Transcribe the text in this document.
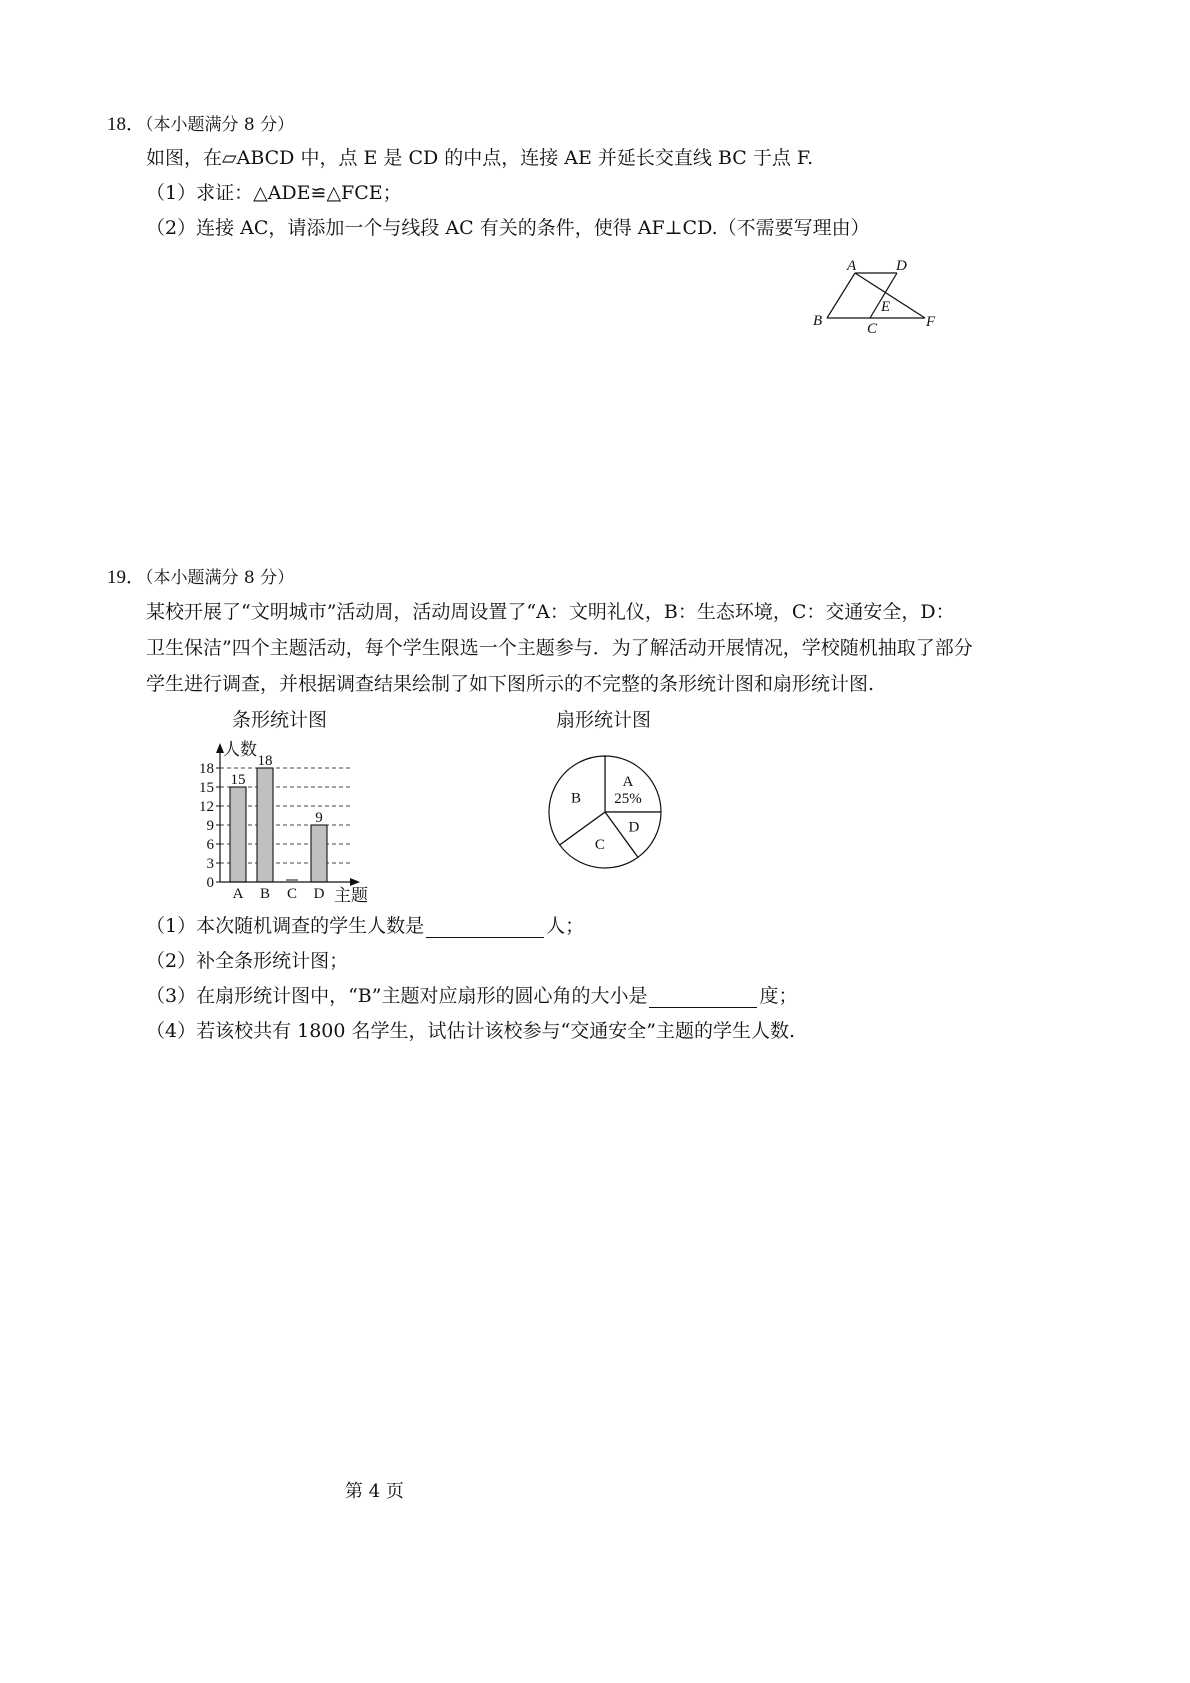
18．（本小题满分 8 分）
如图，在▱ABCD 中，点 E 是 CD 的中点，连接 AE 并延长交直线 BC 于点 F.
（1）求证：△ADE≌△FCE；
（2）连接 AC，请添加一个与线段 AC 有关的条件，使得 AF⊥CD.（不需要写理由）
A	D
B	C
E
F
19．（本小题满分 8 分）
某校开展了“文明城市”活动周，活动周设置了“A：文明礼仪，B：生态环境，C：交通安全，D：
卫生保洁”四个主题活动，每个学生限选一个主题参与．为了解活动开展情况，学校随机抽取了部分
学生进行调查，并根据调查结果绘制了如下图所示的不完整的条形统计图和扇形统计图.
条形统计图	扇形统计图
0
3
6
9
12
15
18
15
A
18
B C
9
D
人数
主题
A
25%
D
C
B
（1）本次随机调查的学生人数是	人；
（2）补全条形统计图；
（3）在扇形统计图中，“B”主题对应扇形的圆心角的大小是	度；
（4）若该校共有 1800 名学生，试估计该校参与“交通安全”主题的学生人数.
第 4 页
